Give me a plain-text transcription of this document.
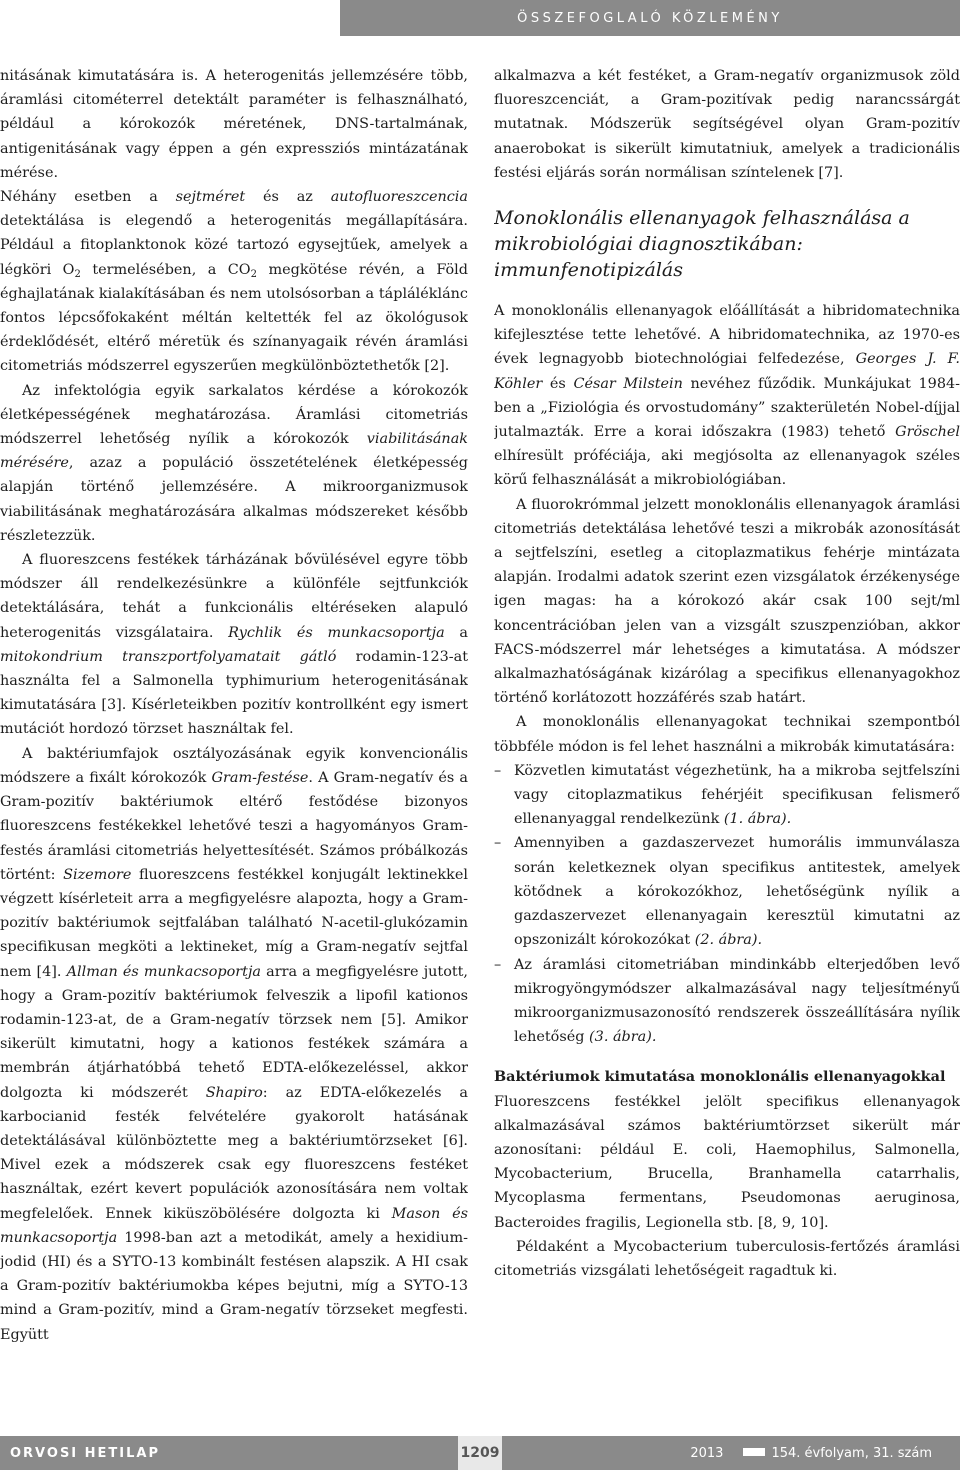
ÖSSZEFOGLALÓ KÖZLEMÉNY

nitásának kimutatására is. A heterogenitás jellemzésére több, áramlási citométerrel detektált paraméter is felhasználható, például a kórokozók méretének, DNS-tartalmának, antigenitásának vagy éppen a gén expressziós mintázatának mérése.

Néhány esetben a sejtméret és az autofluoreszcencia detektálása is elegendő a heterogenitás megállapítására. Például a fitoplanktonok közé tartozó egysejtűek, amelyek a légköri $O_2$ termelésében, a $CO_2$ megkötése révén, a Föld éghajlatának kialakításában és nem utolsósorban a tápláléklánc fontos lépcsőfokaként méltán keltették fel az ökológusok érdeklődését, eltérő méretük és színanyagaik révén áramlási citometriás módszerrel egyszerűen megkülönböztethetők [2].

Az infektológia egyik sarkalatos kérdése a kórokozók életképességének meghatározása. Áramlási citometriás módszerrel lehetőség nyílik a kórokozók viabilitásának mérésére, azaz a populáció összetételének életképesség alapján történő jellemzésére. A mikroorganizmusok viabilitásának meghatározására alkalmas módszereket később részletezzük.

A fluoreszcens festékek tárházának bővülésével egyre több módszer áll rendelkezésünkre a különféle sejtfunkciók detektálására, tehát a funkcionális eltéréseken alapuló heterogenitás vizsgálataira. Rychlik és munkacsoportja a mitokondrium transzportfolyamatait gátló rodamin-123-at használta fel a Salmonella typhimurium heterogenitásának kimutatására [3]. Kísérleteikben pozitív kontrollként egy ismert mutációt hordozó törzset használtak fel.

A baktériumfajok osztályozásának egyik konvencionális módszere a fixált kórokozók Gram-festése. A Gram-negatív és a Gram-pozitív baktériumok eltérő festődése bizonyos fluoreszcens festékekkel lehetővé teszi a hagyományos Gram-festés áramlási citometriás helyettesítését. Számos próbálkozás történt: Sizemore fluoreszcens festékkel konjugált lektinekkel végzett kísérleteit arra a megfigyelésre alapozta, hogy a Gram-pozitív baktériumok sejtfalában található N-acetil-glukózamin specifikusan megköti a lektineket, míg a Gram-negatív sejtfal nem [4]. Allman és munkacsoportja arra a megfigyelésre jutott, hogy a Gram-pozitív baktériumok felveszik a lipofil kationos rodamin-123-at, de a Gram-negatív törzsek nem [5]. Amikor sikerült kimutatni, hogy a kationos festékek számára a membrán átjárhatóbbá tehető EDTA-előkezeléssel, akkor dolgozta ki módszerét Shapiro: az EDTA-előkezelés a karbocianid festék felvételére gyakorolt hatásának detektálásával különböztette meg a baktériumtörzseket [6]. Mivel ezek a módszerek csak egy fluoreszcens festéket használtak, ezért kevert populációk azonosítására nem voltak megfelelőek. Ennek kiküszöbölésére dolgozta ki Mason és munkacsoportja 1998-ban azt a metodikát, amely a hexidium-jodid (HI) és a SYTO-13 kombinált festésen alapszik. A HI csak a Gram-pozitív baktériumokba képes bejutni, míg a SYTO-13 mind a Gram-pozitív, mind a Gram-negatív törzseket megfesti. Együtt

alkalmazva a két festéket, a Gram-negatív organizmusok zöld fluoreszcenciát, a Gram-pozitívak pedig narancssárgát mutatnak. Módszerük segítségével olyan Gram-pozitív anaerobokat is sikerült kimutatniuk, amelyek a tradicionális festési eljárás során normálisan színtelenek [7].

Monoklonális ellenanyagok felhasználása a mikrobiológiai diagnosztikában: immunfenotipizálás

A monoklonális ellenanyagok előállítását a hibridomatechnika kifejlesztése tette lehetővé. A hibridomatechnika, az 1970-es évek legnagyobb biotechnológiai felfedezése, Georges J. F. Köhler és César Milstein nevéhez fűződik. Munkájukat 1984-ben a „Fiziológia és orvostudomány” szakterületén Nobel-díjjal jutalmazták. Erre a korai időszakra (1983) tehető Gröschel elhíresült próféciája, aki megjósolta az ellenanyagok széles körű felhasználását a mikrobiológiában.

A fluorokrómmal jelzett monoklonális ellenanyagok áramlási citometriás detektálása lehetővé teszi a mikrobák azonosítását a sejtfelszíni, esetleg a citoplazmatikus fehérje mintázata alapján. Irodalmi adatok szerint ezen vizsgálatok érzékenysége igen magas: ha a kórokozó akár csak 100 sejt/ml koncentrációban jelen van a vizsgált szuszpenzióban, akkor FACS-módszerrel már lehetséges a kimutatása. A módszer alkalmazhatóságának kizárólag a specifikus ellenanyagokhoz történő korlátozott hozzáférés szab határt.

A monoklonális ellenanyagokat technikai szempontból többféle módon is fel lehet használni a mikrobák kimutatására:

– Közvetlen kimutatást végezhetünk, ha a mikroba sejtfelszíni vagy citoplazmatikus fehérjéit specifikusan felismerő ellenanyaggal rendelkezünk (1. ábra).
– Amennyiben a gazdaszervezet humorális immunválasza során keletkeznek olyan specifikus antitestek, amelyek kötődnek a kórokozókhoz, lehetőségünk nyílik a gazdaszervezet ellenanyagain keresztül kimutatni az opszonizált kórokozókat (2. ábra).
– Az áramlási citometriában mindinkább elterjedőben levő mikrogyöngymódszer alkalmazásával nagy teljesítményű mikroorganizmusazonosító rendszerek összeállítására nyílik lehetőség (3. ábra).
Baktériumok kimutatása monoklonális ellenanyagokkal

Fluoreszcens festékkel jelölt specifikus ellenanyagok alkalmazásával számos baktériumtörzset sikerült már azonosítani: például E. coli, Haemophilus, Salmonella, Mycobacterium, Brucella, Branhamella catarrhalis, Mycoplasma fermentans, Pseudomonas aeruginosa, Bacteroides fragilis, Legionella stb. [8, 9, 10].

Példaként a Mycobacterium tuberculosis-fertőzés áramlási citometriás vizsgálati lehetőségeit ragadtuk ki.

ORVOSI HETILAP	1209	2013	154. évfolyam, 31. szám
